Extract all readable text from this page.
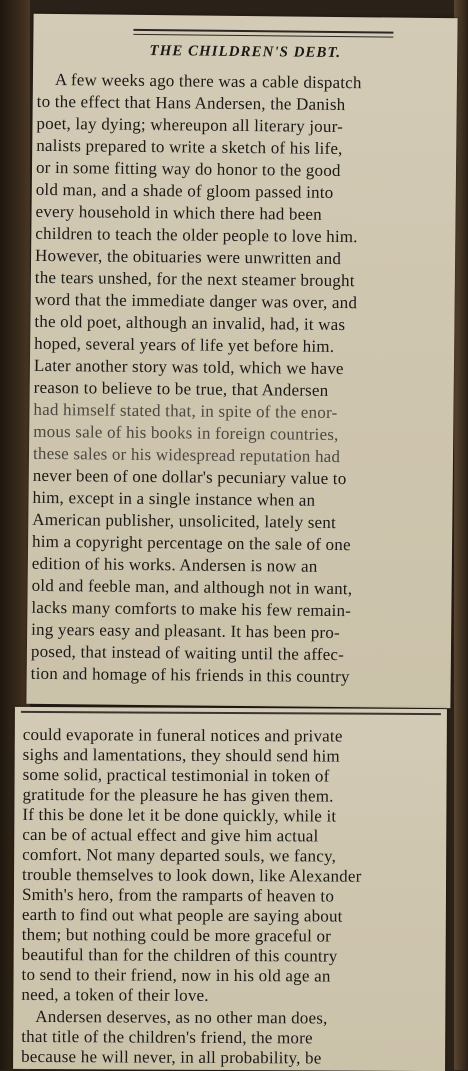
THE CHILDREN'S DEBT.
A few weeks ago there was a cable dispatch
to the effect that Hans Andersen, the Danish
poet, lay dying; whereupon all literary jour-
nalists prepared to write a sketch of his life,
or in some fitting way do honor to the good
old man, and a shade of gloom passed into
every household in which there had been
children to teach the older people to love him.
However, the obituaries were unwritten and
the tears unshed, for the next steamer brought
word that the immediate danger was over, and
the old poet, although an invalid, had, it was
hoped, several years of life yet before him.
Later another story was told, which we have
reason to believe to be true, that Andersen
had himself stated that, in spite of the enor-
mous sale of his books in foreign countries,
these sales or his widespread reputation had
never been of one dollar's pecuniary value to
him, except in a single instance when an
American publisher, unsolicited, lately sent
him a copyright percentage on the sale of one
edition of his works. Andersen is now an
old and feeble man, and although not in want,
lacks many comforts to make his few remain-
ing years easy and pleasant. It has been pro-
posed, that instead of waiting until the affec-
tion and homage of his friends in this country
could evaporate in funeral notices and private
sighs and lamentations, they should send him
some solid, practical testimonial in token of
gratitude for the pleasure he has given them.
If this be done let it be done quickly, while it
can be of actual effect and give him actual
comfort. Not many departed souls, we fancy,
trouble themselves to look down, like Alexander
Smith's hero, from the ramparts of heaven to
earth to find out what people are saying about
them; but nothing could be more graceful or
beautiful than for the children of this country
to send to their friend, now in his old age an
need, a token of their love.
Andersen deserves, as no other man does,
that title of the children's friend, the more
because he will never, in all probability, be
